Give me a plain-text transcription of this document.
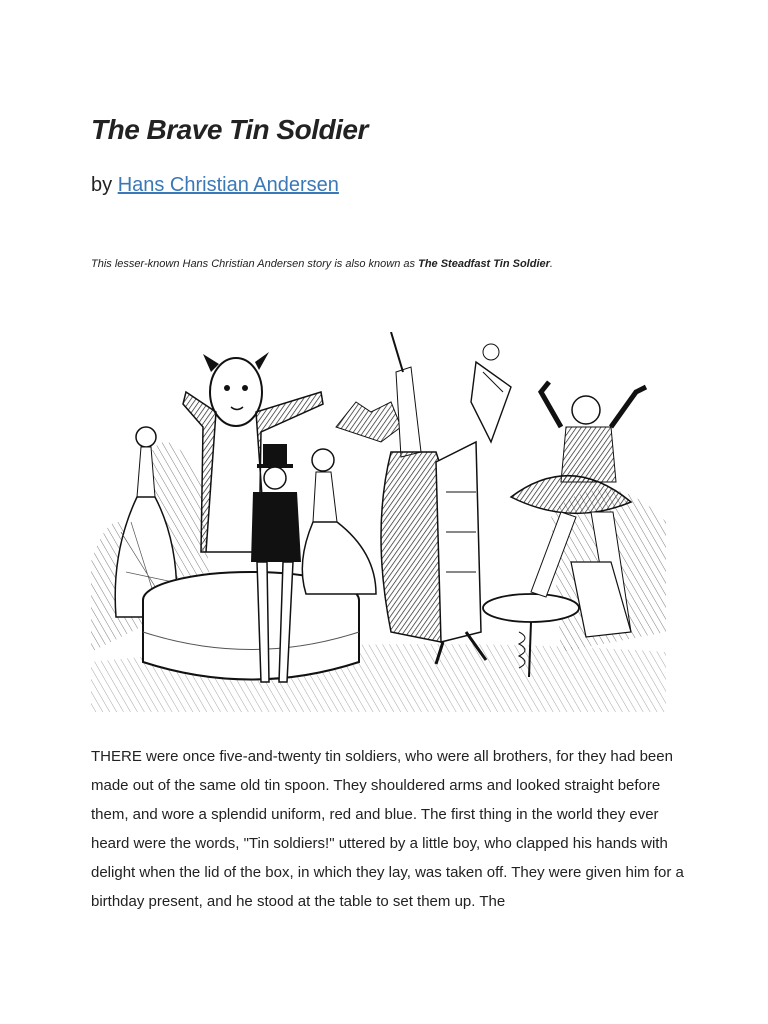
The Brave Tin Soldier
by Hans Christian Andersen
This lesser-known Hans Christian Andersen story is also known as The Steadfast Tin Soldier.

THERE were once five-and-twenty tin soldiers, who were all brothers, for they had been made out of the same old tin spoon. They shouldered arms and looked straight before them, and wore a splendid uniform, red and blue. The first thing in the world they ever heard were the words, "Tin soldiers!" uttered by a little boy, who clapped his hands with delight when the lid of the box, in which they lay, was taken off. They were given him for a birthday present, and he stood at the table to set them up. The
